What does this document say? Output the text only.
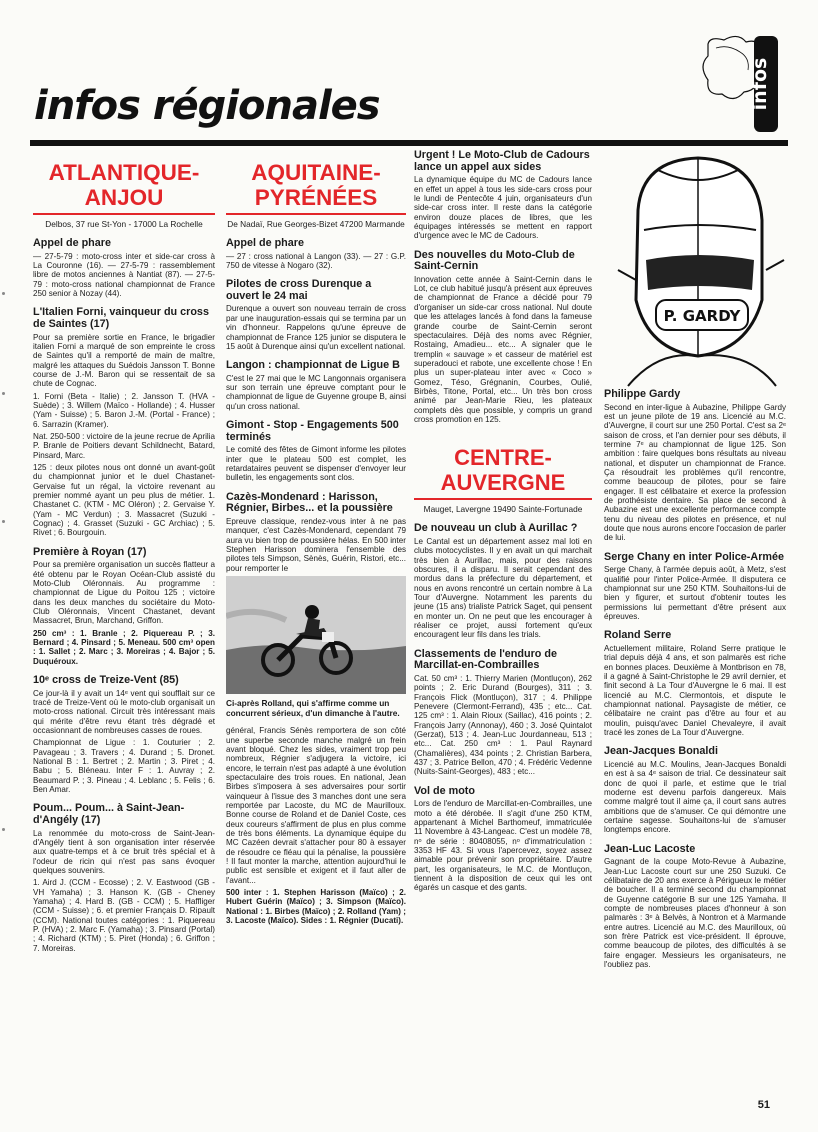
infos
infos régionales
ATLANTIQUE-ANJOU
Delbos, 37 rue St-Yon - 17000 La Rochelle
Appel de phare

— 27-5-79 : moto-cross inter et side-car cross à La Couronne (16). — 27-5-79 : rassemblement libre de motos anciennes à Nantiat (87). — 27-5-79 : moto-cross national championnat de France 250 senior à Nozay (44).

L'Italien Forni, vainqueur du cross de Saintes (17)

Pour sa première sortie en France, le brigadier italien Forni a marqué de son empreinte le cross de Saintes qu'il a remporté de main de maître, malgré les attaques du Suédois Jansson T. Bonne course de J.-M. Baron qui se ressentait de sa chute de Cognac.

1. Forni (Beta - Italie) ; 2. Jansson T. (HVA - Suède) ; 3. Willem (Maïco - Hollande) ; 4. Husser (Yam - Suisse) ; 5. Baron J.-M. (Portal - France) ; 6. Sarrazin (Kramer).

Nat. 250-500 : victoire de la jeune recrue de Aprilia P. Branle de Poitiers devant Schildnecht, Batard, Pinsard, Marc.

125 : deux pilotes nous ont donné un avant-goût du championnat junior et le duel Chastanet-Gervaise fut un régal, la victoire revenant au premier nommé ayant un peu plus de métier. 1. Chastanet C. (KTM - MC Oléron) ; 2. Gervaise Y. (Yam - MC Verdun) ; 3. Massacret (Suzuki - Cognac) ; 4. Grasset (Suzuki - GC Archiac) ; 5. Rivet ; 6. Bourgouin.

Première à Royan (17)

Pour sa première organisation un succès flatteur a été obtenu par le Royan Océan-Club assisté du Moto-Club Oléronnais. Au programme : championnat de Ligue du Poitou 125 ; victoire dans les deux manches du sociétaire du Moto-Club Oléronnais, Vincent Chastanet, devant Massacret, Brun, Marchand, Griffon.

250 cm³ : 1. Branle ; 2. Piquereau P. ; 3. Bernard ; 4. Pinsard ; 5. Meneau. 500 cm³ open : 1. Sallet ; 2. Marc ; 3. Moreiras ; 4. Bajor ; 5. Duquéroux.

10ᵉ cross de Treize-Vent (85)

Ce jour-là il y avait un 14ᵉ vent qui soufflait sur ce tracé de Treize-Vent où le moto-club organisait un moto-cross national. Circuit très intéressant mais qui mérite d'être revu étant très dégradé et occasionnant de nombreuses casses de roues.

Championnat de Ligue : 1. Couturier ; 2. Pavageau ; 3. Travers ; 4. Durand ; 5. Dronet. National B : 1. Bertret ; 2. Martin ; 3. Piret ; 4. Babu ; 5. Bléneau. Inter F : 1. Auvray ; 2. Beaumard P. ; 3. Pineau ; 4. Leblanc ; 5. Felis ; 6. Ben Amar.

Poum... Poum... à Saint-Jean-d'Angély (17)

La renommée du moto-cross de Saint-Jean-d'Angély tient à son organisation inter réservée aux quatre-temps et à ce bruit très spécial et à l'odeur de ricin qui n'est pas sans évoquer quelques souvenirs.

1. Aird J. (CCM - Ecosse) ; 2. V. Eastwood (GB - VH Yamaha) ; 3. Hanson K. (GB - Cheney Yamaha) ; 4. Hard B. (GB - CCM) ; 5. Haffliger (CCM - Suisse) ; 6. et premier Français D. Ripault (CCM). National toutes catégories : 1. Piquereau P. (HVA) ; 2. Marc F. (Yamaha) ; 3. Pinsard (Portal) ; 4. Richard (KTM) ; 5. Piret (Honda) ; 6. Griffon ; 7. Moreiras.

AQUITAINE-PYRÉNÉES
De Nadaï, Rue Georges-Bizet 47200 Marmande
Appel de phare

— 27 : cross national à Langon (33). — 27 : G.P. 750 de vitesse à Nogaro (32).

Pilotes de cross Durenque a ouvert le 24 mai

Durenque a ouvert son nouveau terrain de cross par une inauguration-essais qui se termina par un vin d'honneur. Rappelons qu'une épreuve de championnat de France 125 junior se disputera le 15 août à Durenque ainsi qu'un excellent national.

Langon : championnat de Ligue B

C'est le 27 mai que le MC Langonnais organisera sur son terrain une épreuve comptant pour le championnat de ligue de Guyenne groupe B, ainsi qu'un cross national.

Gimont - Stop - Engagements 500 terminés

Le comité des fêtes de Gimont informe les pilotes inter que le plateau 500 est complet, les retardataires peuvent se dispenser d'envoyer leur bulletin, les engagements sont clos.

Cazès-Mondenard : Harisson, Régnier, Birbes... et la poussière

Epreuve classique, rendez-vous inter à ne pas manquer, c'est Cazès-Mondenard, cependant 79 aura vu bien trop de poussière hélas. En 500 inter Stephen Harisson dominera l'ensemble des pilotes tels Simpson, Sènès, Guérin, Ristori, etc... pour remporter le

Ci-après Rolland, qui s'affirme comme un concurrent sérieux, d'un dimanche à l'autre.

général, Francis Sénès remportera de son côté une superbe seconde manche malgré un frein avant bloqué. Chez les sides, vraiment trop peu nombreux, Régnier s'adjugera la victoire, ici encore, le terrain n'est pas adapté à une évolution spectaculaire des trois roues. En national, Jean Birbes s'imposera à ses adversaires pour sortir vainqueur à l'issue des 3 manches dont une sera remportée par Lacoste, du MC de Maurilloux. Bonne course de Roland et de Daniel Coste, ces deux coureurs s'affirment de plus en plus comme de très bons éléments. La dynamique équipe du MC Cazéen devrait s'attacher pour 80 à essayer de résoudre ce fléau qui la pénalise, la poussière ! Il faut monter la marche, attention aujourd'hui le public est sensible et exigent et il faut aller de l'avant...

500 inter : 1. Stephen Harisson (Maïco) ; 2. Hubert Guérin (Maïco) ; 3. Simpson (Maïco). National : 1. Birbes (Maïco) ; 2. Rolland (Yam) ; 3. Lacoste (Maïco). Sides : 1. Régnier (Ducati).

Urgent ! Le Moto-Club de Cadours lance un appel aux sides

La dynamique équipe du MC de Cadours lance en effet un appel à tous les side-cars cross pour le lundi de Pentecôte 4 juin, organisateurs d'un side-car cross inter. Il reste dans la catégorie environ douze places de libres, que les équipages intéressés se mettent en rapport d'urgence avec le MC de Cadours.

Des nouvelles du Moto-Club de Saint-Cernin

Innovation cette année à Saint-Cernin dans le Lot, ce club habitué jusqu'à présent aux épreuves de championnat de France a décidé pour 79 d'organiser un side-car cross national. Nul doute que les attelages lancés à fond dans la fameuse grande courbe de Saint-Cernin seront spectaculaires. Déjà des noms avec Régnier, Rostaing, Amadieu... etc... A signaler que le tremplin « sauvage » et casseur de matériel est superadouci et rabote, une excellente chose ! En plus un super-plateau inter avec « Coco » Gomez, Téso, Grégnanin, Courbes, Oulié, Birbès, Titone, Portal, etc... Un très bon cross animé par Jean-Marie Rieu, les plateaux complets dès que possible, y compris un grand cross promotion en 125.

CENTRE-AUVERGNE
Mauget, Lavergne 19490 Sainte-Fortunade
De nouveau un club à Aurillac ?

Le Cantal est un département assez mal loti en clubs motocyclistes. Il y en avait un qui marchait très bien à Aurillac, mais, pour des raisons obscures, il a disparu. Il serait cependant des mordus dans la préfecture du département, et nous en avons rencontré un certain nombre à La Tour d'Auvergne. Notamment les parents du jeune (15 ans) trialiste Patrick Saget, qui pensent en monter un. On ne peut que les encourager à réaliser ce projet, aussi fortement qu'eux encouragent leur fils dans les trials.

Classements de l'enduro de Marcillat-en-Combrailles

Cat. 50 cm³ : 1. Thierry Marien (Montluçon), 262 points ; 2. Eric Durand (Bourges), 311 ; 3. François Flick (Montluçon), 317 ; 4. Philippe Penevere (Clermont-Ferrand), 435 ; etc... Cat. 125 cm³ : 1. Alain Rioux (Saillac), 416 points ; 2. François Jarry (Annonay), 460 ; 3. José Quintalot (Gerzat), 513 ; 4. Jean-Luc Jourdanneau, 513 ; etc... Cat. 250 cm³ : 1. Paul Raynard (Chamalières), 434 points ; 2. Christian Barbera, 437 ; 3. Patrice Bellon, 470 ; 4. Frédéric Vedenne (Nuits-Saint-Georges), 483 ; etc...

Vol de moto

Lors de l'enduro de Marcillat-en-Combrailles, une moto a été dérobée. Il s'agit d'une 250 KTM, appartenant à Michel Barthomeuf, immatriculée 11 Novembre à 43-Langeac. C'est un modèle 78, nᵒ de série : 80408055, nᵒ d'immatriculation : 3353 HF 43. Si vous l'apercevez, soyez assez aimable pour prévenir son propriétaire. D'autre part, les organisateurs, le M.C. de Montluçon, tiennent à la disposition de ceux qui les ont égarés un casque et des gants.

P. GARDY
Philippe Gardy

Second en inter-ligue à Aubazine, Philippe Gardy est un jeune pilote de 19 ans. Licencié au M.C. d'Auvergne, il court sur une 250 Portal. C'est sa 2ᵉ saison de cross, et l'an dernier pour ses débuts, il termine 7ᵉ au championnat de ligue 125. Son ambition : faire quelques bons résultats au niveau national, et disputer un championnat de France. Ça résoudrait les problèmes qu'il rencontre, comme beaucoup de pilotes, pour se faire engager. Il est célibataire et exerce la profession de prothésiste dentaire. Sa place de second à Aubazine est une excellente performance compte tenu du niveau des pilotes en présence, et nul doute que nous aurons encore l'occasion de parler de lui.

Serge Chany en inter Police-Armée

Serge Chany, à l'armée depuis août, à Metz, s'est qualifié pour l'inter Police-Armée. Il disputera ce championnat sur une 250 KTM. Souhaitons-lui de bien y figurer, et surtout d'obtenir toutes les permissions lui permettant d'être présent aux épreuves.

Roland Serre

Actuellement militaire, Roland Serre pratique le trial depuis déjà 4 ans, et son palmarès est riche en bonnes places. Deuxième à Montbrison en 78, il a gagné à Saint-Christophe le 29 avril dernier, et finit second à La Tour d'Auvergne le 6 mai. Il est licencié au M.C. Clermontois, et dispute le championnat national. Paysagiste de métier, ce célibataire ne craint pas d'être au four et au moulin, puisqu'avec Daniel Chevaleyre, il avait tracé les zones de La Tour d'Auvergne.

Jean-Jacques Bonaldi

Licencié au M.C. Moulins, Jean-Jacques Bonaldi en est à sa 4ᵉ saison de trial. Ce dessinateur sait donc de quoi il parle, et estime que le trial moderne est devenu parfois dangereux. Mais comme malgré tout il aime ça, il court sans autres ambitions que de s'amuser. Ce qui démontre une certaine sagesse. Souhaitons-lui de s'amuser longtemps encore.

Jean-Luc Lacoste

Gagnant de la coupe Moto-Revue à Aubazine, Jean-Luc Lacoste court sur une 250 Suzuki. Ce célibataire de 20 ans exerce à Périgueux le métier de boucher. Il a terminé second du championnat de Guyenne catégorie B sur une 125 Yamaha. Il compte de nombreuses places d'honneur à son palmarès : 3ᵉ à Belvès, à Nontron et à Marmande entre autres. Licencié au M.C. des Maurilloux, où son frère Patrick est vice-président. Il éprouve, comme beaucoup de pilotes, des difficultés à se faire engager. Messieurs les organisateurs, ne l'oubliez pas.

51
